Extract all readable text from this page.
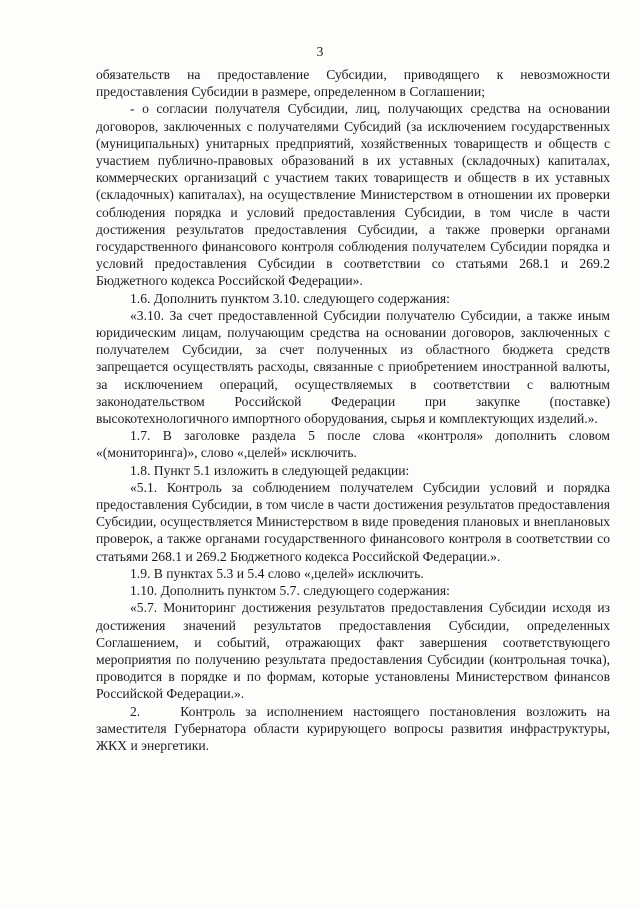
3

обязательств на предоставление Субсидии, приводящего к невозможности предоставления Субсидии в размере, определенном в Соглашении;

- о согласии получателя Субсидии, лиц, получающих средства на основании договоров, заключенных с получателями Субсидий (за исключением государственных (муниципальных) унитарных предприятий, хозяйственных товариществ и обществ с участием публично-правовых образований в их уставных (складочных) капиталах, коммерческих организаций с участием таких товариществ и обществ в их уставных (складочных) капиталах), на осуществление Министерством в отношении их проверки соблюдения порядка и условий предоставления Субсидии, в том числе в части достижения результатов предоставления Субсидии, а также проверки органами государственного финансового контроля соблюдения получателем Субсидии порядка и условий предоставления Субсидии в соответствии со статьями 268.1 и 269.2 Бюджетного кодекса Российской Федерации».

1.6. Дополнить пунктом 3.10. следующего содержания:

«3.10. За счет предоставленной Субсидии получателю Субсидии, а также иным юридическим лицам, получающим средства на основании договоров, заключенных с получателем Субсидии, за счет полученных из областного бюджета средств запрещается осуществлять расходы, связанные с приобретением иностранной валюты, за исключением операций, осуществляемых в соответствии с валютным законодательством Российской Федерации при закупке (поставке) высокотехнологичного импортного оборудования, сырья и комплектующих изделий.».

1.7. В заголовке раздела 5 после слова «контроля» дополнить словом «(мониторинга)», слово «,целей» исключить.

1.8. Пункт 5.1 изложить в следующей редакции:

«5.1. Контроль за соблюдением получателем Субсидии условий и порядка предоставления Субсидии, в том числе в части достижения результатов предоставления Субсидии, осуществляется Министерством в виде проведения плановых и внеплановых проверок, а также органами государственного финансового контроля в соответствии со статьями 268.1 и 269.2 Бюджетного кодекса Российской Федерации.».

1.9. В пунктах 5.3 и 5.4 слово «,целей» исключить.

1.10. Дополнить пунктом 5.7. следующего содержания:

«5.7. Мониторинг достижения результатов предоставления Субсидии исходя из достижения значений результатов предоставления Субсидии, определенных Соглашением, и событий, отражающих факт завершения соответствующего мероприятия по получению результата предоставления Субсидии (контрольная точка), проводится в порядке и по формам, которые установлены Министерством финансов Российской Федерации.».

2.    Контроль за исполнением настоящего постановления возложить на заместителя Губернатора области курирующего вопросы развития инфраструктуры, ЖКХ и энергетики.
